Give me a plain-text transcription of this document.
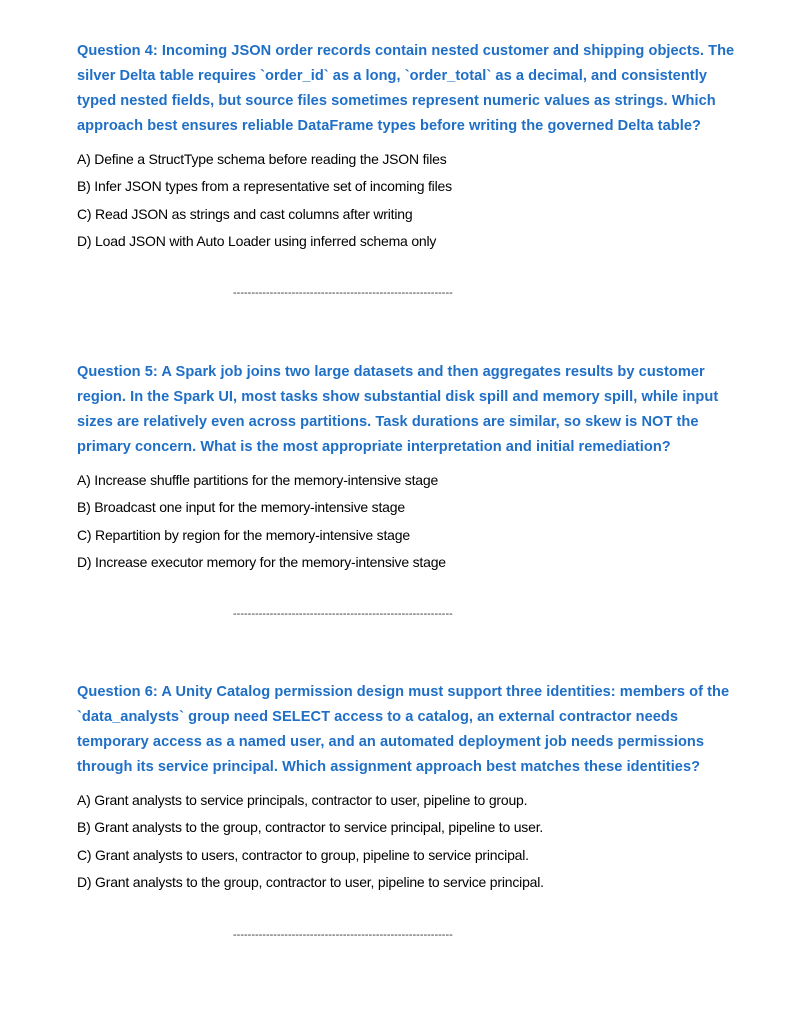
Question 4: Incoming JSON order records contain nested customer and shipping objects. The silver Delta table requires `order_id` as a long, `order_total` as a decimal, and consistently typed nested fields, but source files sometimes represent numeric values as strings. Which approach best ensures reliable DataFrame types before writing the governed Delta table?

A) Define a StructType schema before reading the JSON files
B) Infer JSON types from a representative set of incoming files
C) Read JSON as strings and cast columns after writing
D) Load JSON with Auto Loader using inferred schema only
------------------------------------------------------------

Question 5: A Spark job joins two large datasets and then aggregates results by customer region. In the Spark UI, most tasks show substantial disk spill and memory spill, while input sizes are relatively even across partitions. Task durations are similar, so skew is NOT the primary concern. What is the most appropriate interpretation and initial remediation?

A) Increase shuffle partitions for the memory-intensive stage
B) Broadcast one input for the memory-intensive stage
C) Repartition by region for the memory-intensive stage
D) Increase executor memory for the memory-intensive stage
------------------------------------------------------------

Question 6: A Unity Catalog permission design must support three identities: members of the `data_analysts` group need SELECT access to a catalog, an external contractor needs temporary access as a named user, and an automated deployment job needs permissions through its service principal. Which assignment approach best matches these identities?

A) Grant analysts to service principals, contractor to user, pipeline to group.
B) Grant analysts to the group, contractor to service principal, pipeline to user.
C) Grant analysts to users, contractor to group, pipeline to service principal.
D) Grant analysts to the group, contractor to user, pipeline to service principal.
------------------------------------------------------------
